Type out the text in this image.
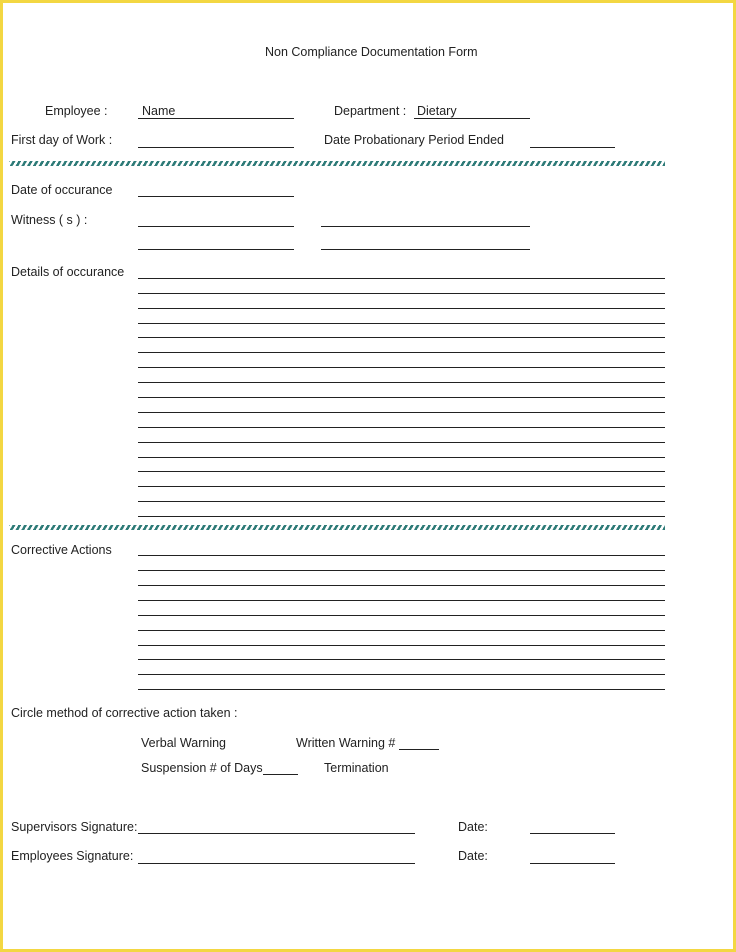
Non Compliance Documentation Form
Employee :	Name	Department : Dietary
First day of Work :	Date Probationary Period Ended
Date of occurance
Witness ( s ) :
Details of occurance
Corrective Actions
Circle method of corrective action taken :
Verbal Warning	Written Warning #
Suspension # of Days	Termination
Supervisors Signature:	Date:
Employees Signature:	Date:
